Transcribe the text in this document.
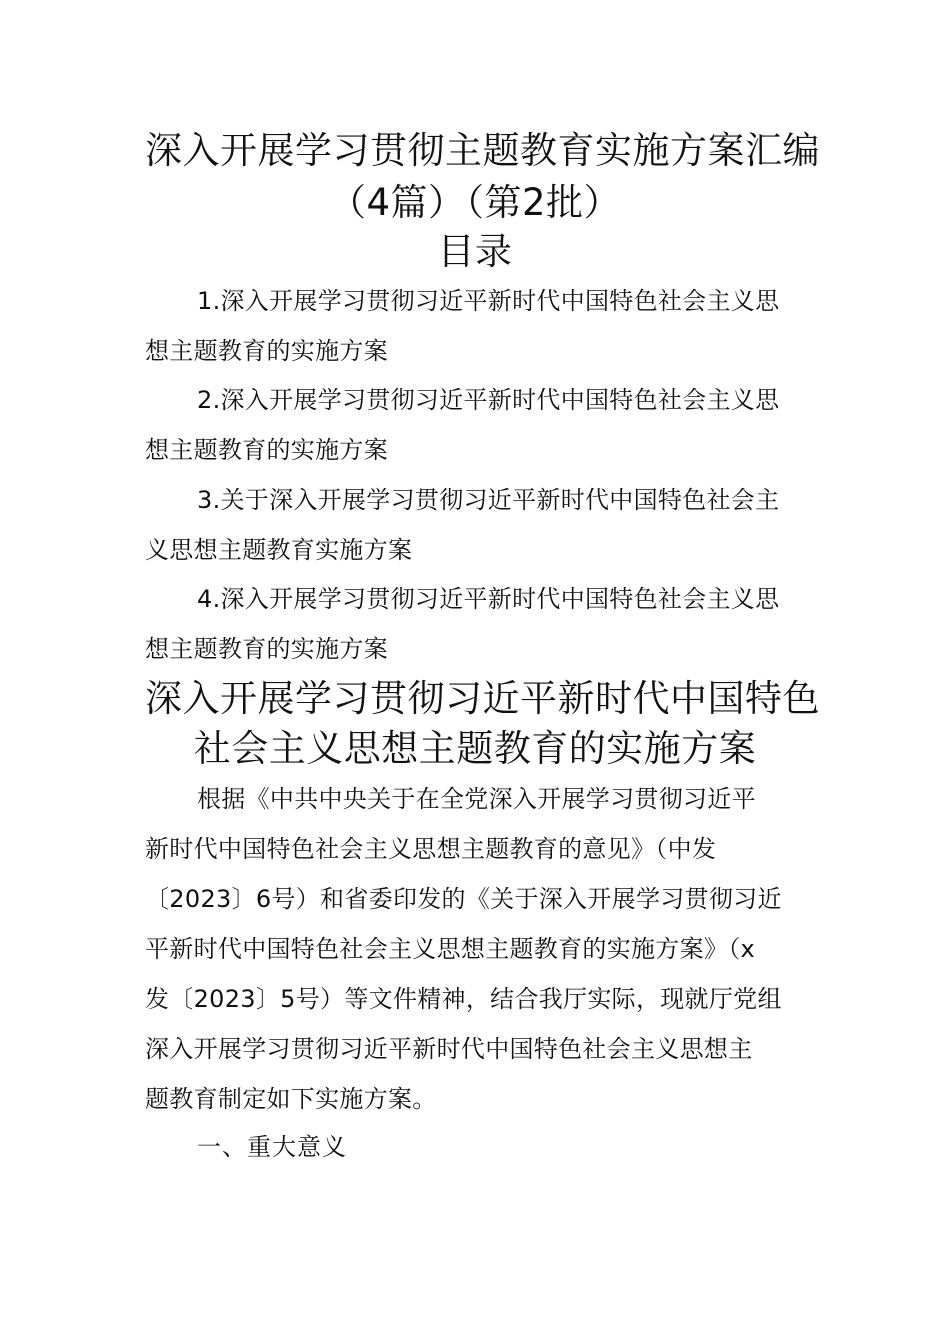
深入开展学习贯彻主题教育实施方案汇编
（4篇）（第2批）
目录
1.深入开展学习贯彻习近平新时代中国特色社会主义思
想主题教育的实施方案
2.深入开展学习贯彻习近平新时代中国特色社会主义思
想主题教育的实施方案
3.关于深入开展学习贯彻习近平新时代中国特色社会主
义思想主题教育实施方案
4.深入开展学习贯彻习近平新时代中国特色社会主义思
想主题教育的实施方案
深入开展学习贯彻习近平新时代中国特色
社会主义思想主题教育的实施方案
根据《中共中央关于在全党深入开展学习贯彻习近平
新时代中国特色社会主义思想主题教育的意见》（中发
〔2023〕6号）和省委印发的《关于深入开展学习贯彻习近
平新时代中国特色社会主义思想主题教育的实施方案》（x
发〔2023〕5号）等文件精神，结合我厅实际，现就厅党组
深入开展学习贯彻习近平新时代中国特色社会主义思想主
题教育制定如下实施方案。
一、重大意义
